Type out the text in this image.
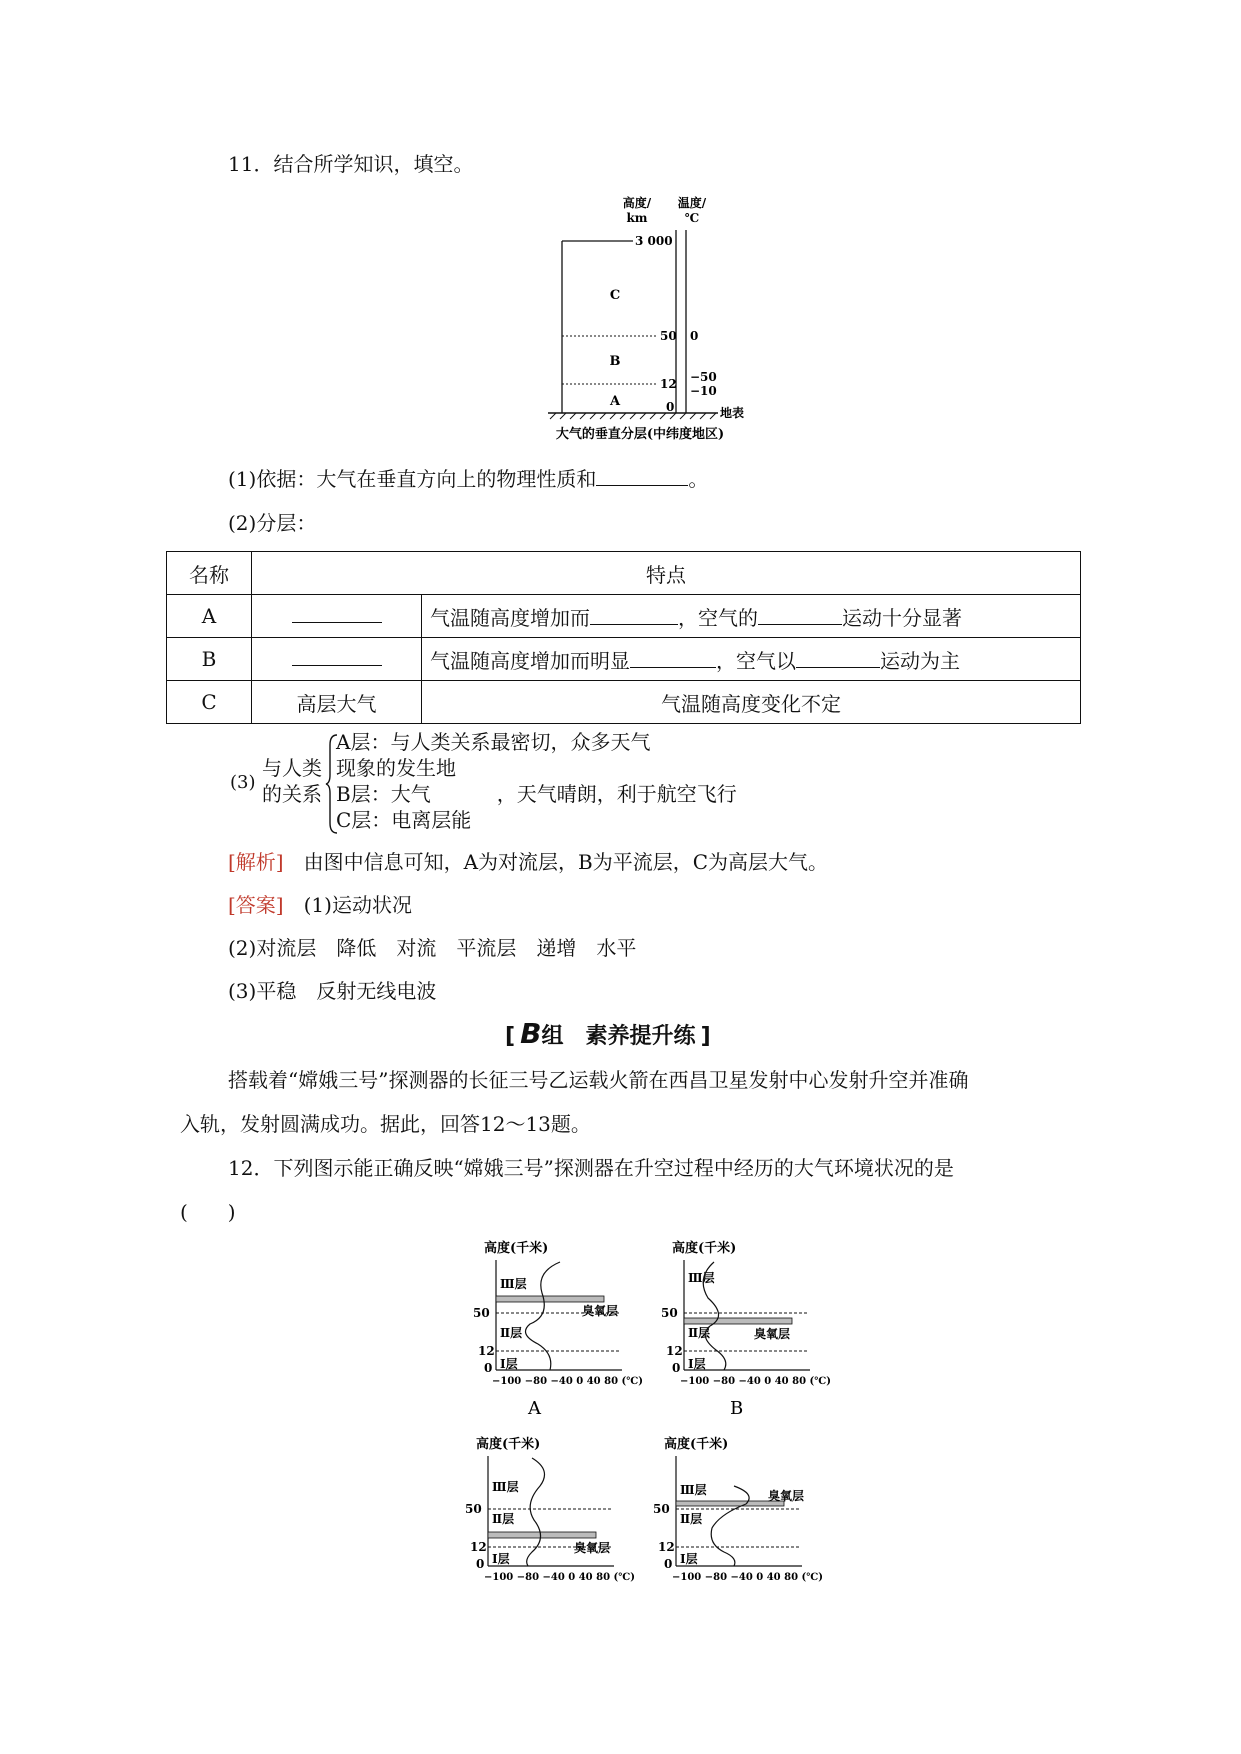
11．结合所学知识，填空。
高度/
km
温度/
℃
3 000
50 0
12 −50
−10
0
C
B
A
地表
大气的垂直分层(中纬度地区)
(1)依据：大气在垂直方向上的物理性质和	。
(2)分层：
名称	特点	
A		气温随高度增加而 ，空气的 运动十分显著
B		气温随高度增加而明显 ，空气以 运动为主
C	高层大气	气温随高度变化不定
(3)
与人类
的关系
A层：与人类关系最密切，众多天气
现象的发生地
B层：大气	，天气晴朗，利于航空飞行
C层：电离层能
[解析]　 由图中信息可知，A为对流层，B为平流层，C为高层大气。
[答案]　 (1)运动状况
(2)对流层　降低　对流　平流层　递增　水平
(3)平稳　反射无线电波
[ B组　素养提升练 ]
搭载着“嫦娥三号”探测器的长征三号乙运载火箭在西昌卫星发射中心发射升空并准确
入轨，发射圆满成功。据此，回答12～13题。
12．下列图示能正确反映“嫦娥三号”探测器在升空过程中经历的大气环境状况的是
(　　)
高度(千米)
50
12
0
Ⅲ层
Ⅱ层
Ⅰ层
臭氧层
−100 −80 −40 0 40 80 (℃)
A
高度(千米)
50
12
0
Ⅲ层
Ⅱ层
Ⅰ层
臭氧层
−100 −80 −40 0 40 80 (℃)
B
高度(千米)
50
12
0
Ⅲ层
Ⅱ层
Ⅰ层
臭氧层
−100 −80 −40 0 40 80 (℃)
高度(千米)
50
12
0
Ⅲ层
Ⅱ层
Ⅰ层
臭氧层
−100 −80 −40 0 40 80 (℃)
